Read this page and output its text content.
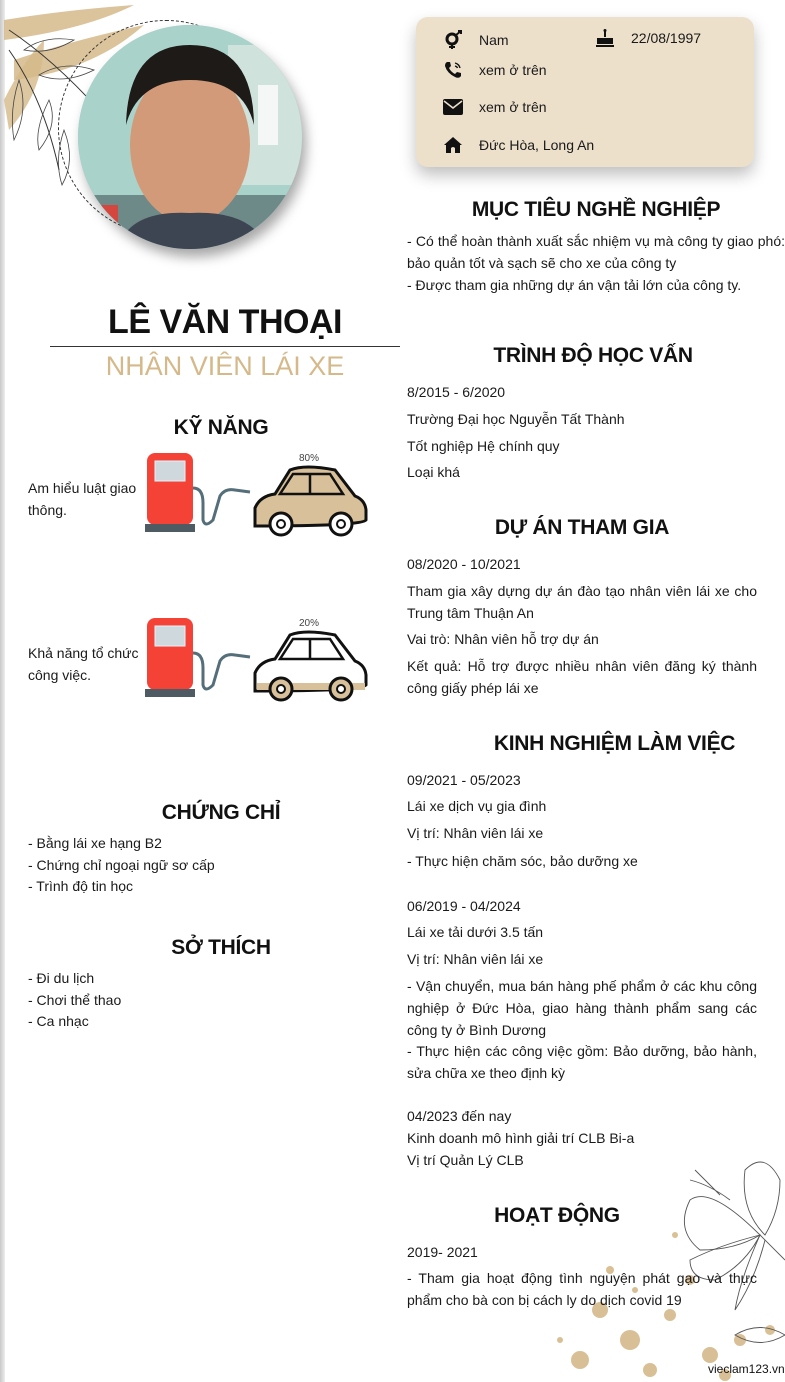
Nam	22/08/1997
xem ở trên
xem ở trên
Đức Hòa, Long An
LÊ VĂN THOẠI
NHÂN VIÊN LÁI XE
MỤC TIÊU NGHỀ NGHIỆP
- Có thể hoàn thành xuất sắc nhiệm vụ mà công ty giao phó: bảo quản tốt và sạch sẽ cho xe của công ty
- Được tham gia những dự án vận tải lớn của công ty.
KỸ NĂNG
Am hiểu luật giao thông.
80%
Khả năng tổ chức công việc.
20%
CHỨNG CHỈ
- Bằng lái xe hạng B2
- Chứng chỉ ngoại ngữ sơ cấp
- Trình độ tin học
SỞ THÍCH
- Đi du lịch
- Chơi thể thao
- Ca nhạc
TRÌNH ĐỘ HỌC VẤN
8/2015 - 6/2020
Trường Đại học Nguyễn Tất Thành
Tốt nghiệp Hệ chính quy
Loại khá
DỰ ÁN THAM GIA
08/2020 - 10/2021
Tham gia xây dựng dự án đào tạo nhân viên lái xe cho Trung tâm Thuận An
Vai trò: Nhân viên hỗ trợ dự án
Kết quả: Hỗ trợ được nhiều nhân viên đăng ký thành công giấy phép lái xe
KINH NGHIỆM LÀM VIỆC
09/2021 - 05/2023
Lái xe dịch vụ gia đình
Vị trí: Nhân viên lái xe
- Thực hiện chăm sóc, bảo dưỡng xe
06/2019 - 04/2024
Lái xe tải dưới 3.5 tấn
Vị trí: Nhân viên lái xe
- Vận chuyển, mua bán hàng phế phẩm ở các khu công nghiệp ở Đức Hòa, giao hàng thành phẩm sang các công ty ở Bình Dương
- Thực hiện các công việc gồm: Bảo dưỡng, bảo hành, sửa chữa xe theo định kỳ
04/2023 đến nay
Kinh doanh mô hình giải trí CLB Bi-a
Vị trí Quản Lý CLB
HOẠT ĐỘNG
2019- 2021
- Tham gia hoạt động tình nguyện phát gạo và thực phẩm cho bà con bị cách ly do dịch covid 19
vieclam123.vn
